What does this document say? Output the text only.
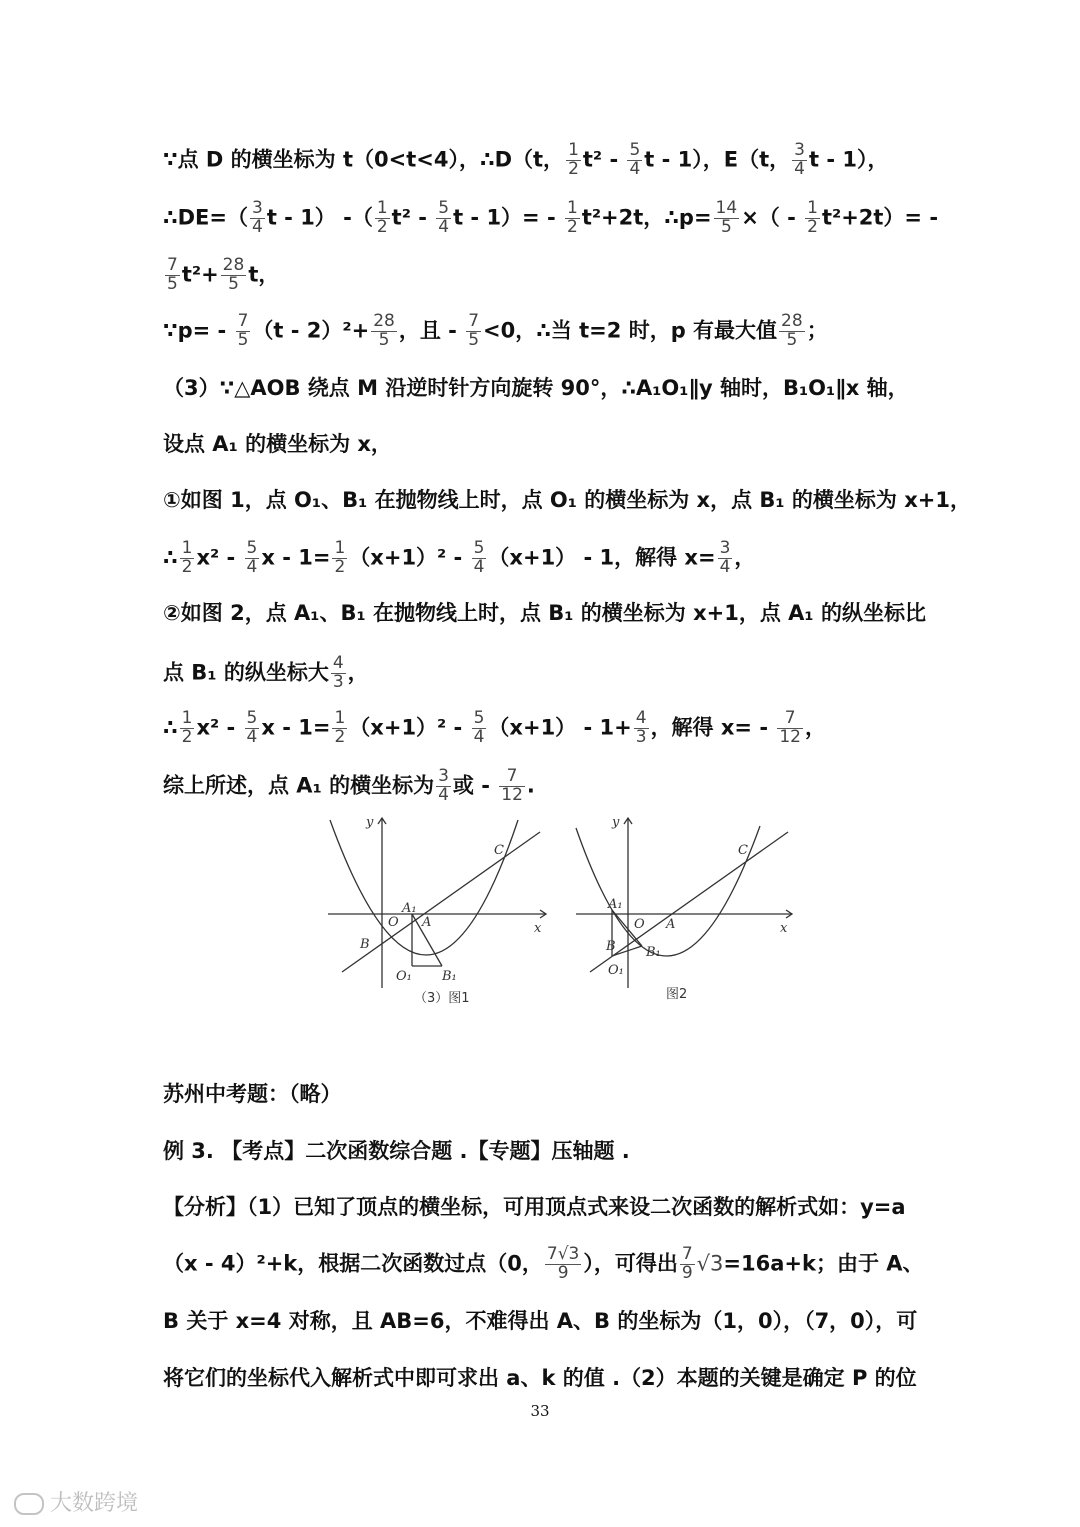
∵点 D 的横坐标为 t（0<t<4），∴D（t， $\frac{1}{2} t^2 - \frac{5}{4}$ t - 1），E（t， $\frac{3}{4}$ t - 1），
∴DE=（ $\frac{3}{4}$ t - 1） -（ $\frac{1}{2} t^2 - \frac{5}{4}$ $t - 1)= - \frac{1}{2} t^2+2t$，∴p= $\frac{14}{5}$ ×（ - $\frac{1}{2} t^2+2t)=$ -
$\frac{7}{5} t^2+ \frac{28}{5}$ t，
∵p= - $\frac{7}{5} (t - 2)^2+ \frac{28}{5}$ ，且 - $\frac{7}{5} <0$，∴当 t=2 时，p 有最大值 $\frac{28}{5}$ ；
（3）∵△AOB 绕点 M 沿逆时针方向旋转 90°，∴A₁O₁∥y 轴时，B₁O₁∥x 轴，
设点 A₁ 的横坐标为 x，
①如图 1，点 O₁、B₁ 在抛物线上时，点 O₁ 的横坐标为 x，点 B₁ 的横坐标为 x+1，
∴ $\frac{1}{2} x^2 - \frac{5}{4}$ $x - 1= \frac{1}{2} (x+1)^2 - \frac{5}{4} (x+1) - 1$，解得 $x= \frac{3}{4}$ ，
②如图 2，点 A₁、B₁ 在抛物线上时，点 B₁ 的横坐标为 x+1，点 A₁ 的纵坐标比
点 B₁ 的纵坐标大 $\frac{4}{3}$ ，
∴ $\frac{1}{2} x^2 - \frac{5}{4}$ $x - 1= \frac{1}{2} (x+1)^2 - \frac{5}{4} (x+1) - 1+ \frac{4}{3}$ ，解得 $x= - \frac{7}{12}$ ，
综上所述，点 A₁ 的横坐标为 $\frac{3}{4}$ 或 - $\frac{7}{12}$ .
y
x
C
O
A₁
A
B
O₁ B₁
（3）图1
y
x
C
O A
A₁
B B₁
O₁
图2
苏州中考题：（略）
例 3. 【考点】二次函数综合题 .【专题】压轴题 .
【分析】（1）已知了顶点的横坐标，可用顶点式来设二次函数的解析式如：y=a
（x - 4）²+k，根据二次函数过点（0， $\frac{7√3}{9}$ ），可得出 $\frac{7}{9} √3=16a+k$；由于 A、
B 关于 x=4 对称，且 AB=6，不难得出 A、B 的坐标为（1，0），（7，0），可
将它们的坐标代入解析式中即可求出 a、k 的值 .（2）本题的关键是确定 P 的位
33
大数跨境
